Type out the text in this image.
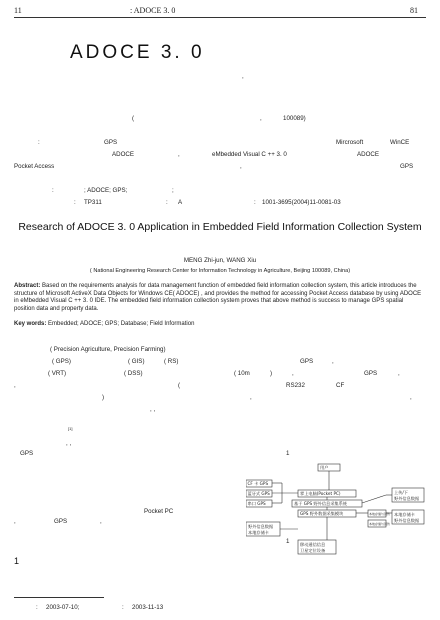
11	: ADOCE 3. 0	81
ADOCE 3. 0
,
(	,	100089)
:	GPS	Mircrosoft	WinCE
ADOCE	,	eMbedded Visual C ++ 3. 0	ADOCE
Pocket Access	,	GPS
:	; ADOCE; GPS;	;
: TP311	: A	: 1001-3695(2004)11-0081-03
Research of ADOCE 3. 0 Application in Embedded Field Information Collection System
MENG Zhi-jun, WANG Xiu
( National Engineering Research Center for Information Technology in Agriculture, Beijing 100089, China)
Abstract: Based on the requirements analysis for data management function of embedded field information collection system, this article introduces the structure of Microsoft ActiveX Data Objects for Windows CE( ADOCE) , and provides the method for accessing Pocket Access database by using ADOCE in eMbedded Visual C ++ 3. 0 IDE. The embedded field information collection system proves that above method is success to manage GPS spatial position data and property data.
Key words: Embedded; ADOCE; GPS; Database; Field Information
( Precision Agriculture, Precision Farming)
( GPS)	( GIS)	( RS)	GPS	,
( VRT)	( DSS)	( 10m	)	,	GPS	,
,	(	RS232	CF
)	,	,
, ,
[1]
, ,
GPS	1
Pocket PC
,	GPS	,
1
1
用户
CF 卡 GPS
蓝牙式 GPS
串口 GPS
掌上电脑(Pocket PC)
基于 GPS 野外信息采集系统
GPS 野外数据采集模块	本地存储与回传
本地存储与回传
上传/下
野外信息数据
本地存储卡
野外信息数据
野外信息数据
本地存储卡
移动通信信息
卫星定位设备
: 2003-07-10;	: 2003-11-13
